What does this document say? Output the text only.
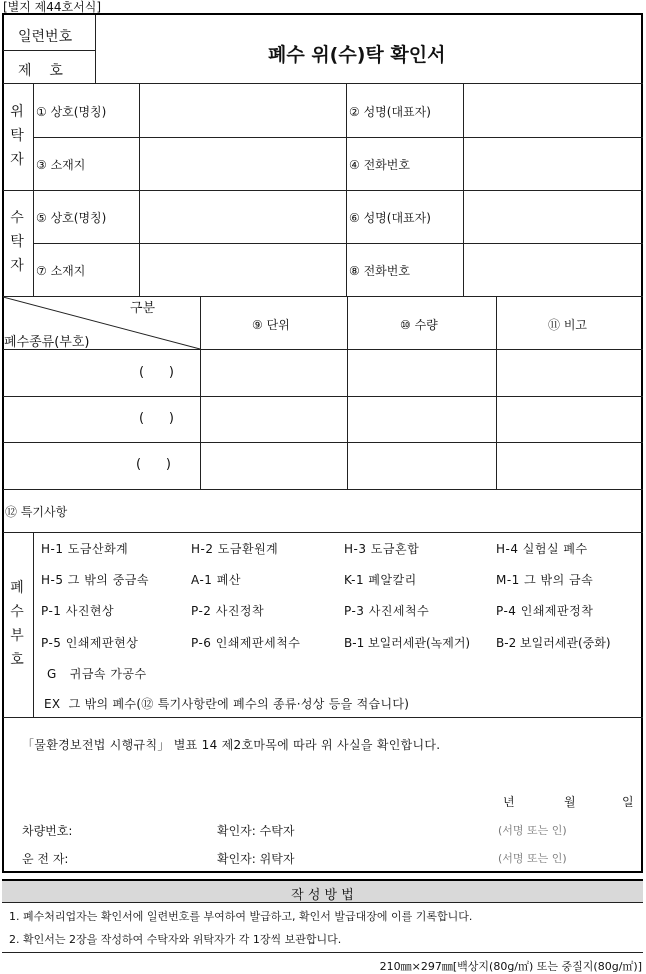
[별지 제44호서식]
일련번호
제    호
폐수 위(수)탁 확인서
위
탁
자
① 상호(명칭)	② 성명(대표자)
③ 소재지	④ 전화번호
수
탁
자
⑤ 상호(명칭)	⑥ 성명(대표자)
⑦ 소재지	⑧ 전화번호
구분
폐수종류(부호)
⑨ 단위	⑩ 수량	⑪ 비고
(      )
(      )
(      )
⑫ 특기사항
폐
수
부
호
H-1 도금산화계	H-2 도금환원계	H-3 도금혼합	H-4 실험실 폐수
H-5 그 밖의 중금속	A-1 폐산	K-1 폐알칼리	M-1 그 밖의 금속
P-1 사진현상	P-2 사진정착	P-3 사진세척수	P-4 인쇄제판정착
P-5 인쇄제판현상	P-6 인쇄제판세척수	B-1 보일러세관(녹제거) B-2 보일러세관(중화)
G   귀금속 가공수
EX  그 밖의 폐수(⑫ 특기사항란에 폐수의 종류·성상 등을 적습니다)
「물환경보전법 시행규칙」 별표 14 제2호마목에 따라 위 사실을 확인합니다.
년	월	일
차량번호:	확인자: 수탁자	(서명 또는 인)
운 전 자:	확인자: 위탁자	(서명 또는 인)
작 성 방 법
1. 폐수처리업자는 확인서에 일련번호를 부여하여 발급하고, 확인서 발급대장에 이를 기록합니다.
2. 확인서는 2장을 작성하여 수탁자와 위탁자가 각 1장씩 보관합니다.
210㎜×297㎜[백상지(80g/㎡) 또는 중질지(80g/㎡)]
